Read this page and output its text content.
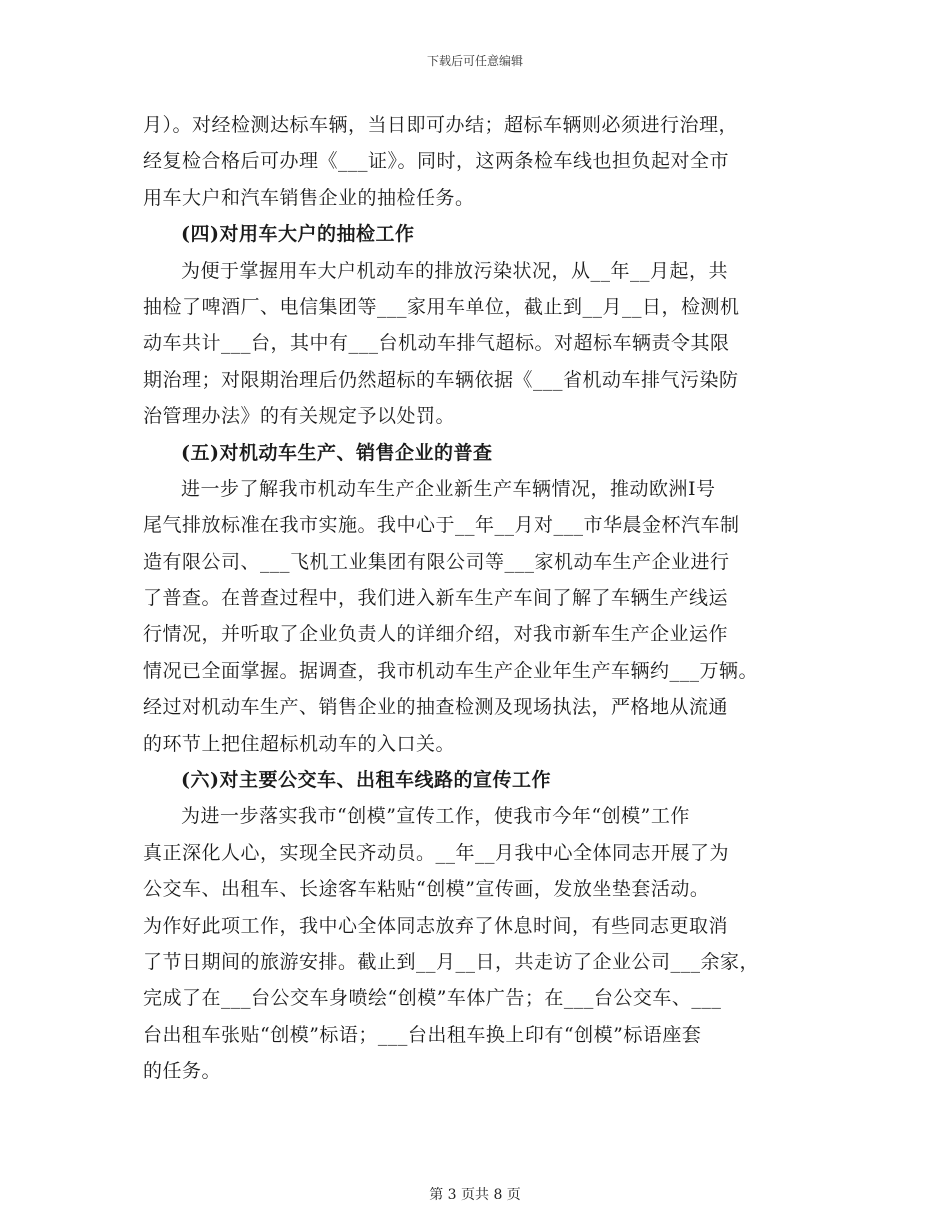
下载后可任意编辑
月）。对经检测达标车辆，当日即可办结；超标车辆则必须进行治理，
经复检合格后可办理《___证》。同时，这两条检车线也担负起对全市
用车大户和汽车销售企业的抽检任务。
(四)对用车大户的抽检工作
为便于掌握用车大户机动车的排放污染状况，从__年__月起，共
抽检了啤酒厂、电信集团等___家用车单位，截止到__月__日，检测机
动车共计___台，其中有___台机动车排气超标。对超标车辆责令其限
期治理；对限期治理后仍然超标的车辆依据《___省机动车排气污染防
治管理办法》的有关规定予以处罚。
(五)对机动车生产、销售企业的普查
进一步了解我市机动车生产企业新生产车辆情况，推动欧洲Ⅰ号
尾气排放标准在我市实施。我中心于__年__月对___市华晨金杯汽车制
造有限公司、___飞机工业集团有限公司等___家机动车生产企业进行
了普查。在普查过程中，我们进入新车生产车间了解了车辆生产线运
行情况，并听取了企业负责人的详细介绍，对我市新车生产企业运作
情况已全面掌握。据调查，我市机动车生产企业年生产车辆约___万辆。
经过对机动车生产、销售企业的抽查检测及现场执法，严格地从流通
的环节上把住超标机动车的入口关。
(六)对主要公交车、出租车线路的宣传工作
为进一步落实我市“创模”宣传工作，使我市今年“创模”工作
真正深化人心，实现全民齐动员。__年__月我中心全体同志开展了为
公交车、出租车、长途客车粘贴“创模”宣传画，发放坐垫套活动。
为作好此项工作，我中心全体同志放弃了休息时间，有些同志更取消
了节日期间的旅游安排。截止到__月__日，共走访了企业公司___余家，
完成了在___台公交车身喷绘“创模”车体广告；在___台公交车、___
台出租车张贴“创模”标语；___台出租车换上印有“创模”标语座套
的任务。
第 3 页共 8 页
